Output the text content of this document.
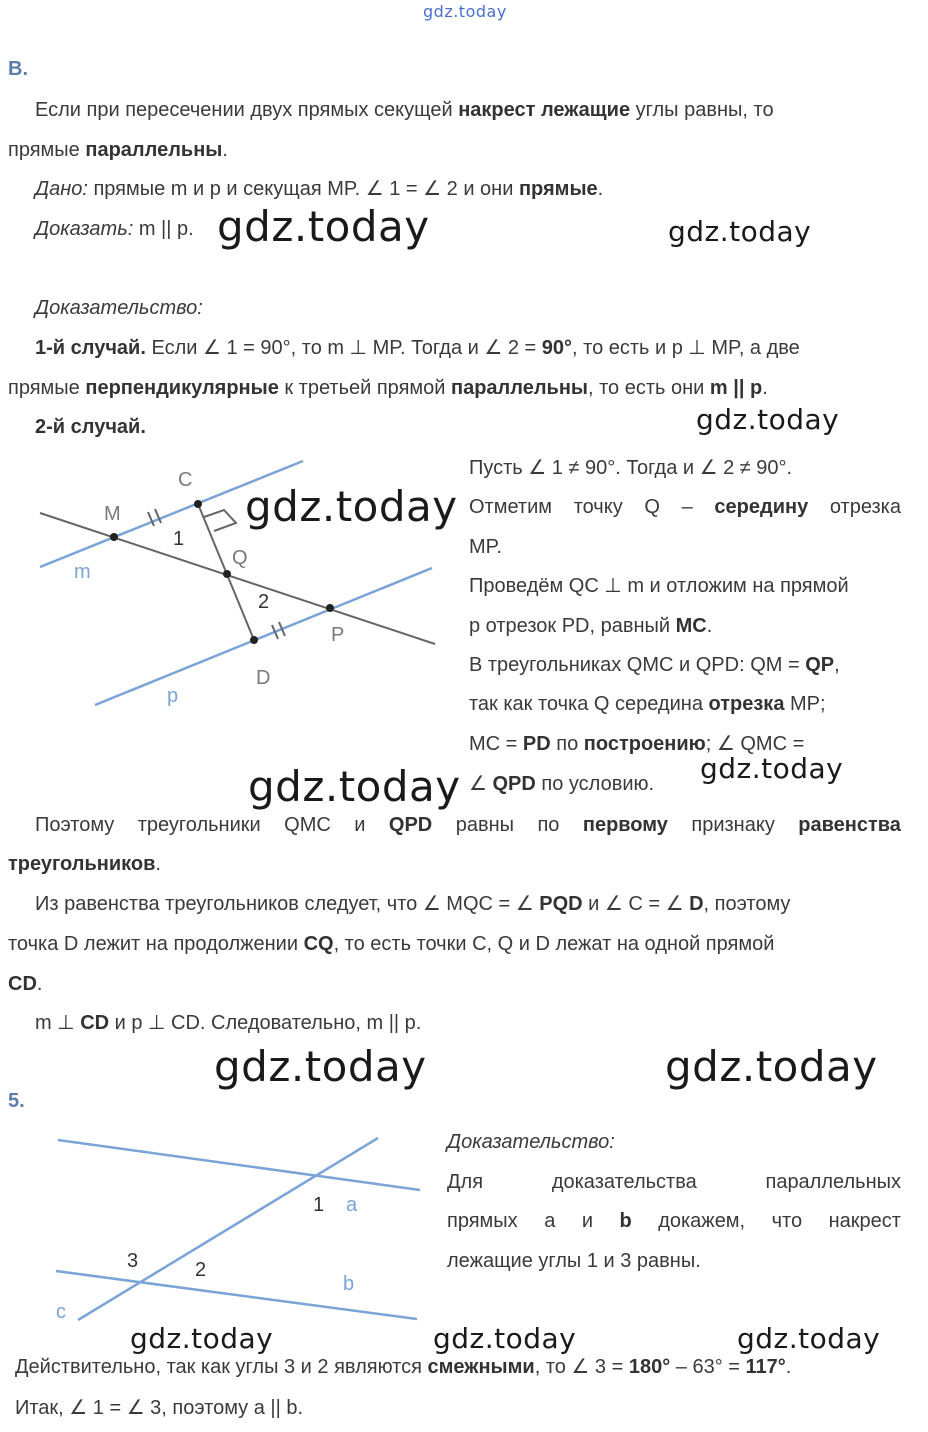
gdz.today
В.
Если при пересечении двух прямых секущей накрест лежащие углы равны, то
прямые параллельны.
Дано: прямые m и p и секущая MP. ∠ 1 = ∠ 2 и они прямые.
Доказать: m || p. gdz.today	gdz.today
Доказательство:
1-й случай. Если ∠ 1 = 90°, то m ⊥ MP. Тогда и ∠ 2 = 90°, то есть и p ⊥ MP, а две
прямые перпендикулярные к третьей прямой параллельны, то есть они m || p.
2-й случай.	gdz.today
C
M
1
Q
m
2
P
D
p
gdz.today
Пусть ∠ 1 ≠ 90°. Тогда и ∠ 2 ≠ 90°.
Отметим точку Q – середину отрезка
MP.
Проведём QC ⊥ m и отложим на прямой
p отрезок PD, равный MC.
В треугольниках QMC и QPD: QM = QP,
так как точка Q середина отрезка MP;
MC = PD по построению; ∠ QMC =
∠ QPD по условию. gdz.today
gdz.today
Поэтому треугольники QMC и QPD равны по первому признаку равенства
треугольников.
Из равенства треугольников следует, что ∠ MQC = ∠ PQD и ∠ C = ∠ D, поэтому
точка D лежит на продолжении CQ, то есть точки C, Q и D лежат на одной прямой
CD.
m ⊥ CD и p ⊥ CD. Следовательно, m || p.
gdz.today	gdz.today
5.
1 a
3	2
b
c
Доказательство:
Для	доказательства	параллельных
прямых a и b докажем, что накрест
лежащие углы 1 и 3 равны.
gdz.today	gdz.today	gdz.today
Действительно, так как углы 3 и 2 являются смежными, то ∠ 3 = 180° – 63° = 117°.
Итак, ∠ 1 = ∠ 3, поэтому a || b.
